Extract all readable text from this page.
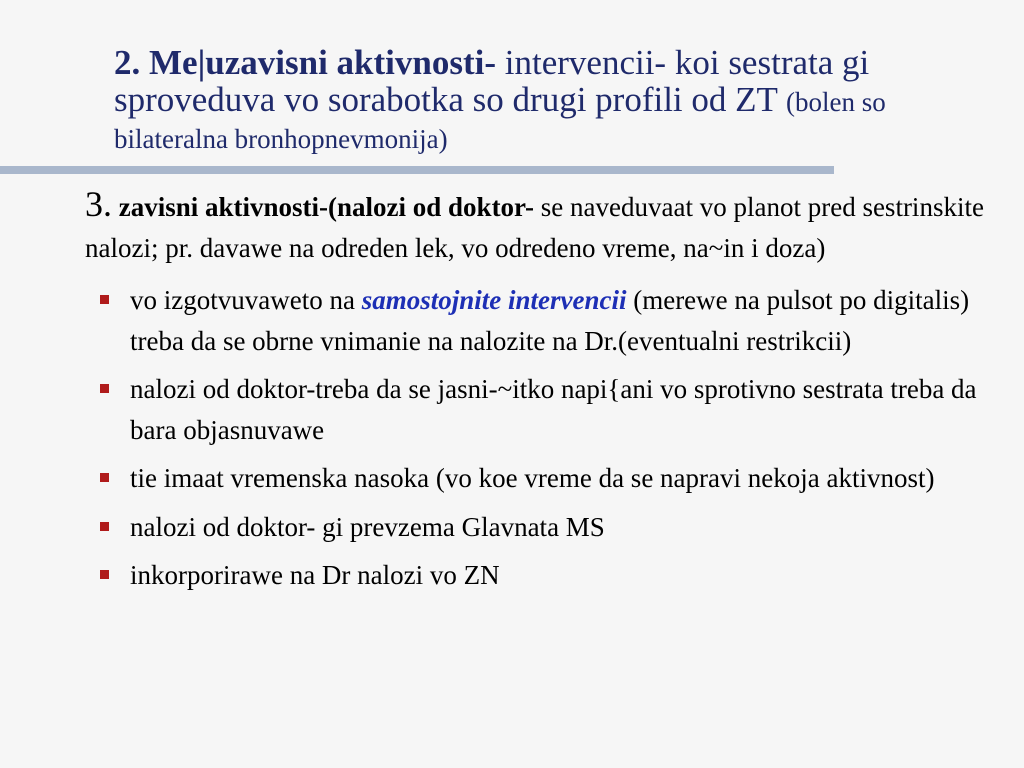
2. Me|uzavisni aktivnosti- intervencii- koi sestrata gi sproveduva vo sorabotka so drugi profili od ZT (bolen so bilateralna bronhopnevmonija)

3. zavisni aktivnosti-(nalozi od doktor- se naveduvaat vo planot pred sestrinskite nalozi; pr. davawe na odreden lek, vo odredeno vreme, na~in i doza)

vo izgotvuvaweto na samostojnite intervencii (merewe na pulsot po digitalis) treba da se obrne vnimanie na nalozite na Dr.(eventualni restrikcii)
nalozi od doktor-treba da se jasni-~itko napi{ani vo sprotivno sestrata treba da bara objasnuvawe
tie imaat vremenska nasoka (vo koe vreme da se napravi nekoja aktivnost)
nalozi od doktor- gi prevzema Glavnata MS
inkorporirawe na Dr nalozi vo ZN
